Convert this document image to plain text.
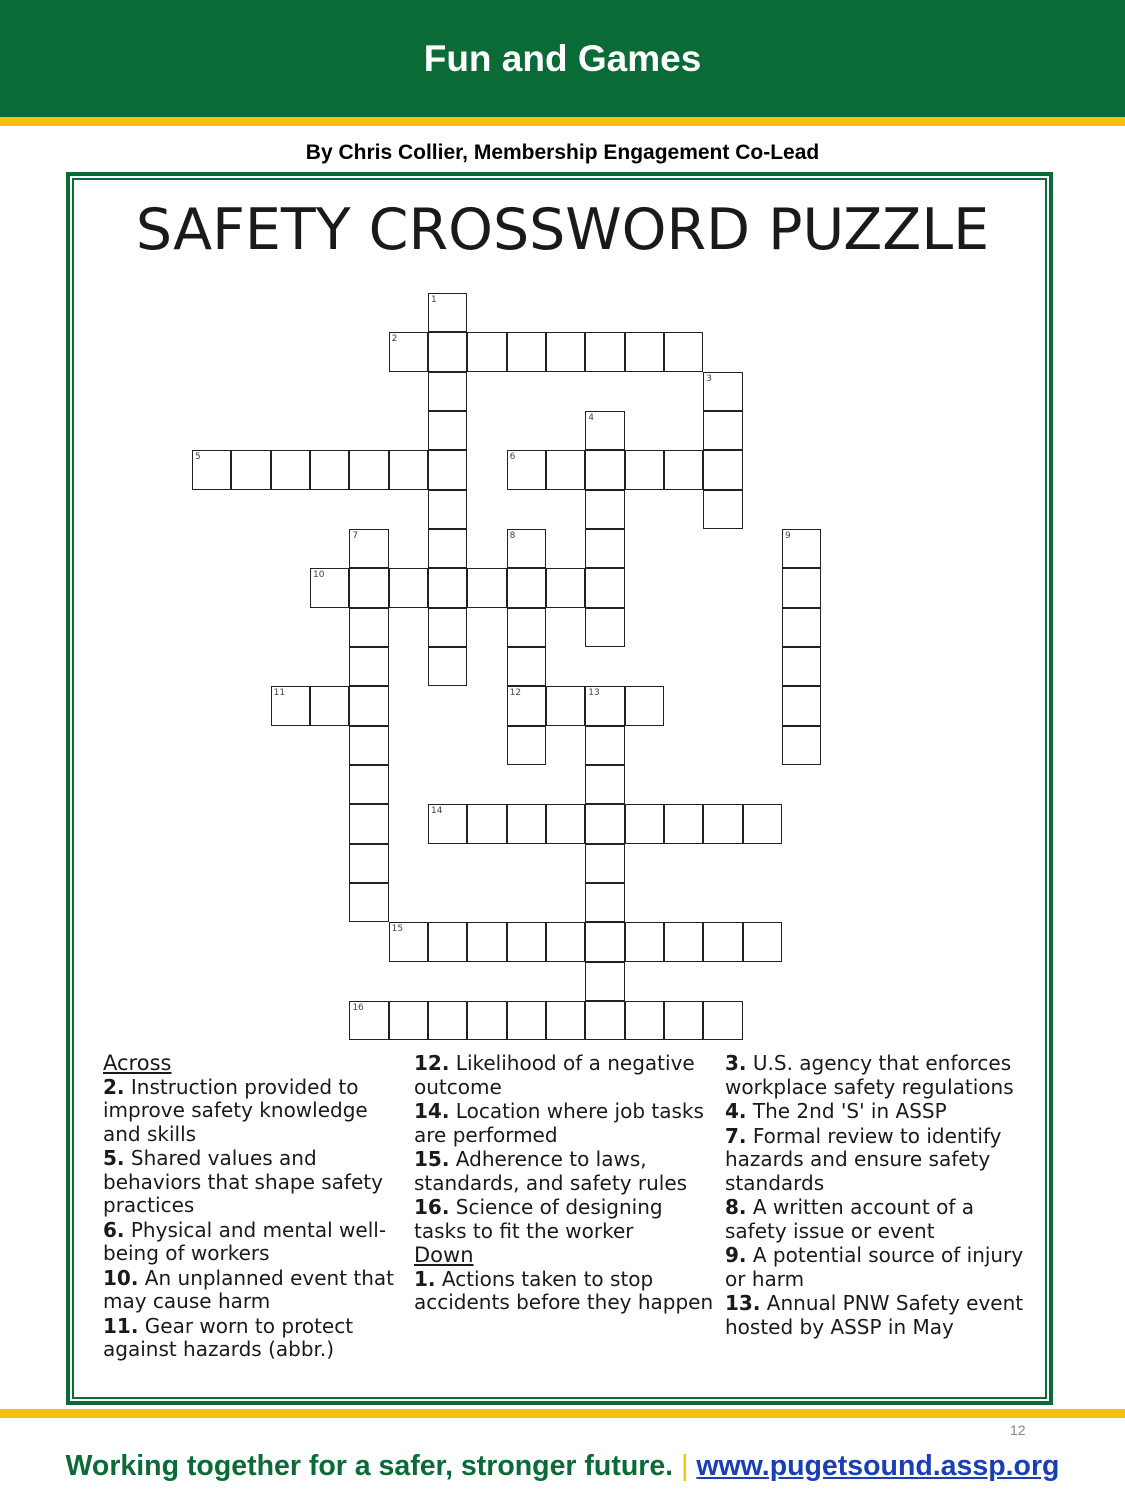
Fun and Games
By Chris Collier, Membership Engagement Co-Lead
SAFETY CROSSWORD PUZZLE
1
2
3
4
5	6
7	8
12
9
10
11	13
14
15
16
Across
2. Instruction provided to improve safety knowledge and skills
5. Shared values and behaviors that shape safety practices
6. Physical and mental well-being of workers
10. An unplanned event that may cause harm
11. Gear worn to protect against hazards (abbr.)
12. Likelihood of a negative outcome
14. Location where job tasks are performed
15. Adherence to laws, standards, and safety rules
16. Science of designing tasks to fit the worker
Down
1. Actions taken to stop accidents before they happen
3. U.S. agency that enforces workplace safety regulations
4. The 2nd 'S' in ASSP
7. Formal review to identify hazards and ensure safety standards
8. A written account of a safety issue or event
9. A potential source of injury or harm
13. Annual PNW Safety event hosted by ASSP in May
12
Working together for a safer, stronger future. | www.pugetsound.assp.org
